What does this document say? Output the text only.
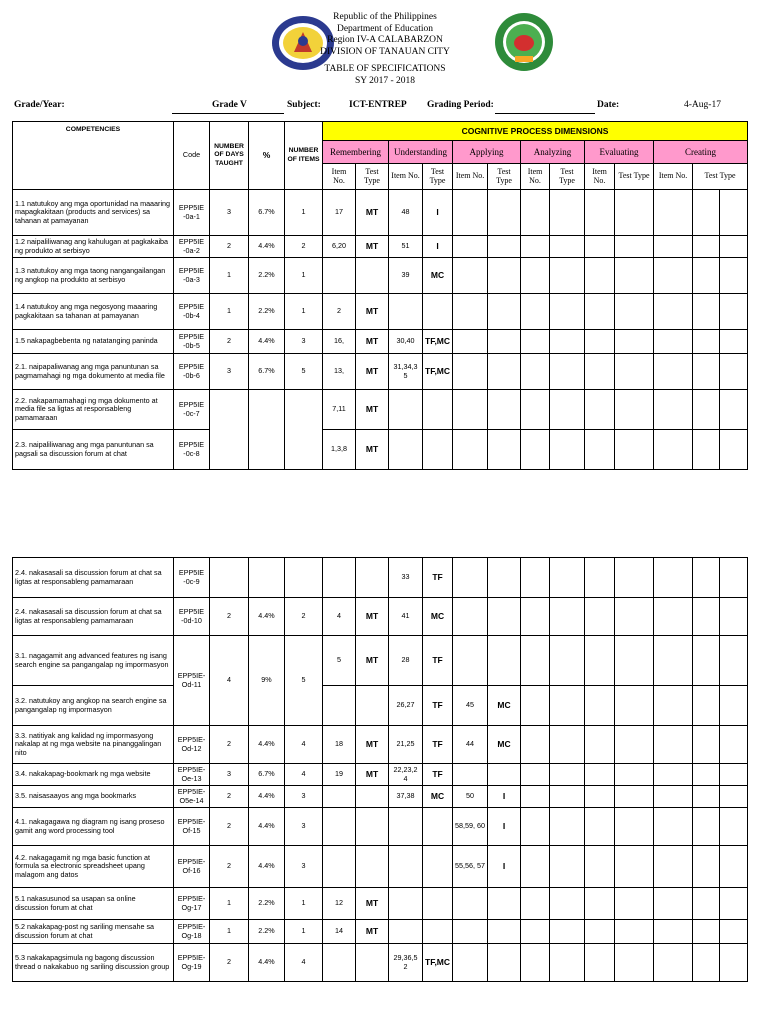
Republic of the Philippines
Department of Education
Region IV-A CALABARZON
DIVISION OF TANAUAN CITY
TABLE OF SPECIFICATIONS
SY 2017 - 2018
Grade/Year:	Grade V	Subject:	ICT-ENTREP Grading Period:	Date:	4-Aug-17
COMPETENCIES	Code	NUMBER OF DAYS TAUGHT	%	NUMBER OF ITEMS	COGNITIVE PROCESS DIMENSIONS												
					Remembering		Understanding		Applying		Analyzing		Evaluating		Creating		
					Item No.	Test Type	Item No.	Test Type	Item No.	Test Type	Item No.	Test Type	Item No.	Test Type	Item No.	Test Type	
1.1 natutukoy ang mga oportunidad na maaaring mapagkakitaan (products and services) sa tahanan at pamayanan	EPP5IE -0a-1	3	6.7%	1	17	MT	48	I									
1.2 naipaliliwanag ang kahulugan at pagkakaiba ng produkto at serbisyo	EPP5IE -0a-2	2	4.4%	2	6,20	MT	51	I									
1.3 natutukoy ang mga taong nangangailangan ng angkop na produkto at serbisyo	EPP5IE -0a-3	1	2.2%	1			39	MC									
1.4 natutukoy ang mga negosyong maaaring pagkakitaan sa tahanan at pamayanan	EPP5IE -0b-4	1	2.2%	1	2	MT											
1.5 nakapagbebenta ng natatanging paninda	EPP5IE -0b-5	2	4.4%	3	16,	MT	30,40	TF,MC									
2.1. naipapaliwanag ang mga panuntunan sa pagmamahagi ng mga dokumento at media file	EPP5IE -0b-6	3	6.7%	5	13,	MT	31,34,3 5	TF,MC									
2.2. nakapamamahagi ng mga dokumento at media file sa ligtas at responsableng pamamaraan	EPP5IE -0c-7				7,11	MT											
2.3. naipaliliwanag ang mga panuntunan sa pagsali sa discussion forum at chat	EPP5IE -0c-8				1,3,8	MT											
2.4. nakasasali sa discussion forum at chat sa ligtas at responsableng pamamaraan	EPP5IE -0c-9						33	TF									
2.4. nakasasali sa discussion forum at chat sa ligtas at responsableng pamamaraan	EPP5IE -0d-10	2	4.4%	2	4	MT	41	MC									
3.1. nagagamit ang advanced features ng isang search engine sa pangangalap ng impormasyon	EPP5IE-Od-11	4	9%	5	5	MT	28	TF									
3.2. natutukoy ang angkop na search engine sa pangangalap ng impormasyon							26,27	TF	45	MC							
3.3. natitiyak ang kalidad ng impormasyong nakalap at ng mga website na pinanggalingan nito	EPP5IE-Od-12	2	4.4%	4	18	MT	21,25	TF	44	MC							
3.4. nakakapag-bookmark ng mga website	EPP5IE-Oe-13	3	6.7%	4	19	MT	22,23,2 4	TF									
3.5. naisasaayos ang mga bookmarks	EPP5IE-O5e-14	2	4.4%	3			37,38	MC	50	I							
4.1. nakagagawa ng diagram ng isang proseso gamit ang word processing tool	EPP5IE-Of-15	2	4.4%	3					58,59, 60	I							
4.2. nakagagamit ng mga basic function at formula sa electronic spreadsheet upang malagom ang datos	EPP5IE-Of-16	2	4.4%	3					55,56, 57	I							
5.1 nakasusunod sa usapan sa online discussion forum at chat	EPP5IE-Og-17	1	2.2%	1	12	MT											
5.2 nakakapag-post ng sariling mensahe sa discussion forum at chat	EPP5IE-Og-18	1	2.2%	1	14	MT											
5.3 nakakapagsimula ng bagong discussion thread o nakakabuo ng sariling discussion group	EPP5IE-Og-19	2	4.4%	4			29,36,5 2	TF,MC									
